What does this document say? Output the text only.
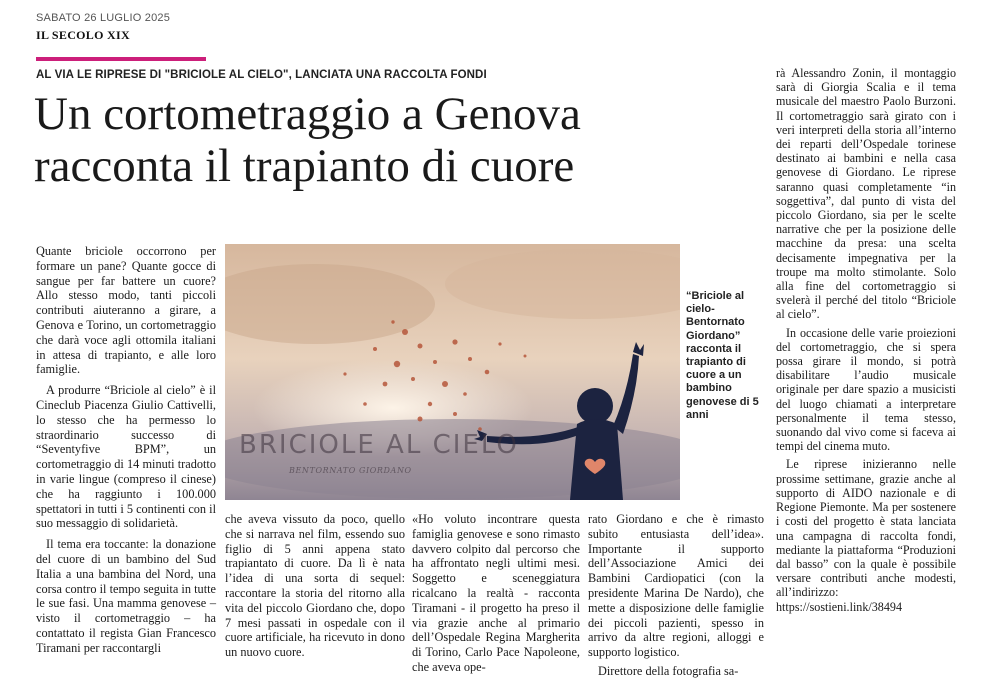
SABATO 26 LUGLIO 2025
IL SECOLO XIX
AL VIA LE RIPRESE DI "BRICIOLE AL CIELO", LANCIATA UNA RACCOLTA FONDI
Un cortometraggio a Genova
racconta il trapianto di cuore

Quante briciole occorrono per formare un pane? Quante gocce di sangue per far battere un cuore? Allo stesso modo, tanti piccoli contributi aiuteranno a girare, a Genova e Torino, un cortometraggio che darà voce agli ottomila italiani in attesa di trapianto, e alle loro famiglie.

A produrre “Briciole al cielo” è il Cineclub Piacenza Giulio Cattivelli, lo stesso che ha permesso lo straordinario successo di “Seventyfive BPM”, un cortometraggio di 14 minuti tradotto in varie lingue (compreso il cinese) che ha raggiunto i 100.000 spettatori in tutti i 5 continenti con il suo messaggio di solidarietà.

Il tema era toccante: la donazione del cuore di un bambino del Sud Italia a una bambina del Nord, una corsa contro il tempo seguita in tutte le sue fasi. Una mamma genovese – visto il cortometraggio – ha contattato il regista Gian Francesco Tiramani per raccontargli

BRICIOLE AL CIELO
BENTORNATO GIORDANO
“Briciole al cielo-Bentornato Giordano” racconta il trapianto di cuore a un bambino genovese di 5 anni

che aveva vissuto da poco, quello che si narrava nel film, essendo suo figlio di 5 anni appena stato trapiantato di cuore. Da lì è nata l’idea di una sorta di sequel: raccontare la storia del ritorno alla vita del piccolo Giordano che, dopo 7 mesi passati in ospedale con il cuore artificiale, ha ricevuto in dono un nuovo cuore.

«Ho voluto incontrare questa famiglia genovese e sono rimasto davvero colpito dal percorso che ha affrontato negli ultimi mesi. Soggetto e sceneggiatura ricalcano la realtà - racconta Tiramani - il progetto ha preso il via grazie anche al primario dell’Ospedale Regina Margherita di Torino, Carlo Pace Napoleone, che aveva ope-

rato Giordano e che è rimasto subito entusiasta dell’idea». Importante il supporto dell’Associazione Amici dei Bambini Cardiopatici (con la presidente Marina De Nardo), che mette a disposizione delle famiglie dei piccoli pazienti, spesso in arrivo da altre regioni, alloggi e supporto logistico.

Direttore della fotografia sa-

rà Alessandro Zonin, il montaggio sarà di Giorgia Scalia e il tema musicale del maestro Paolo Burzoni. Il cortometraggio sarà girato con i veri interpreti della storia all’interno dei reparti dell’Ospedale torinese destinato ai bambini e nella casa genovese di Giordano. Le riprese saranno quasi completamente “in soggettiva”, dal punto di vista del piccolo Giordano, sia per le scelte narrative che per la posizione delle macchine da presa: una scelta decisamente impegnativa per la troupe ma molto stimolante. Solo alla fine del cortometraggio si svelerà il perché del titolo “Briciole al cielo”.

In occasione delle varie proiezioni del cortometraggio, che si spera possa girare il mondo, si potrà disabilitare l’audio musicale originale per dare spazio a musicisti del luogo chiamati a interpretare personalmente il tema stesso, suonando dal vivo come si faceva ai tempi del cinema muto.

Le riprese inizieranno nelle prossime settimane, grazie anche al supporto di AIDO nazionale e di Regione Piemonte. Ma per sostenere i costi del progetto è stata lanciata una campagna di raccolta fondi, mediante la piattaforma “Produzioni dal basso” con la quale è possibile versare contributi anche modesti, all’indirizzo: https://sostieni.link/38494
